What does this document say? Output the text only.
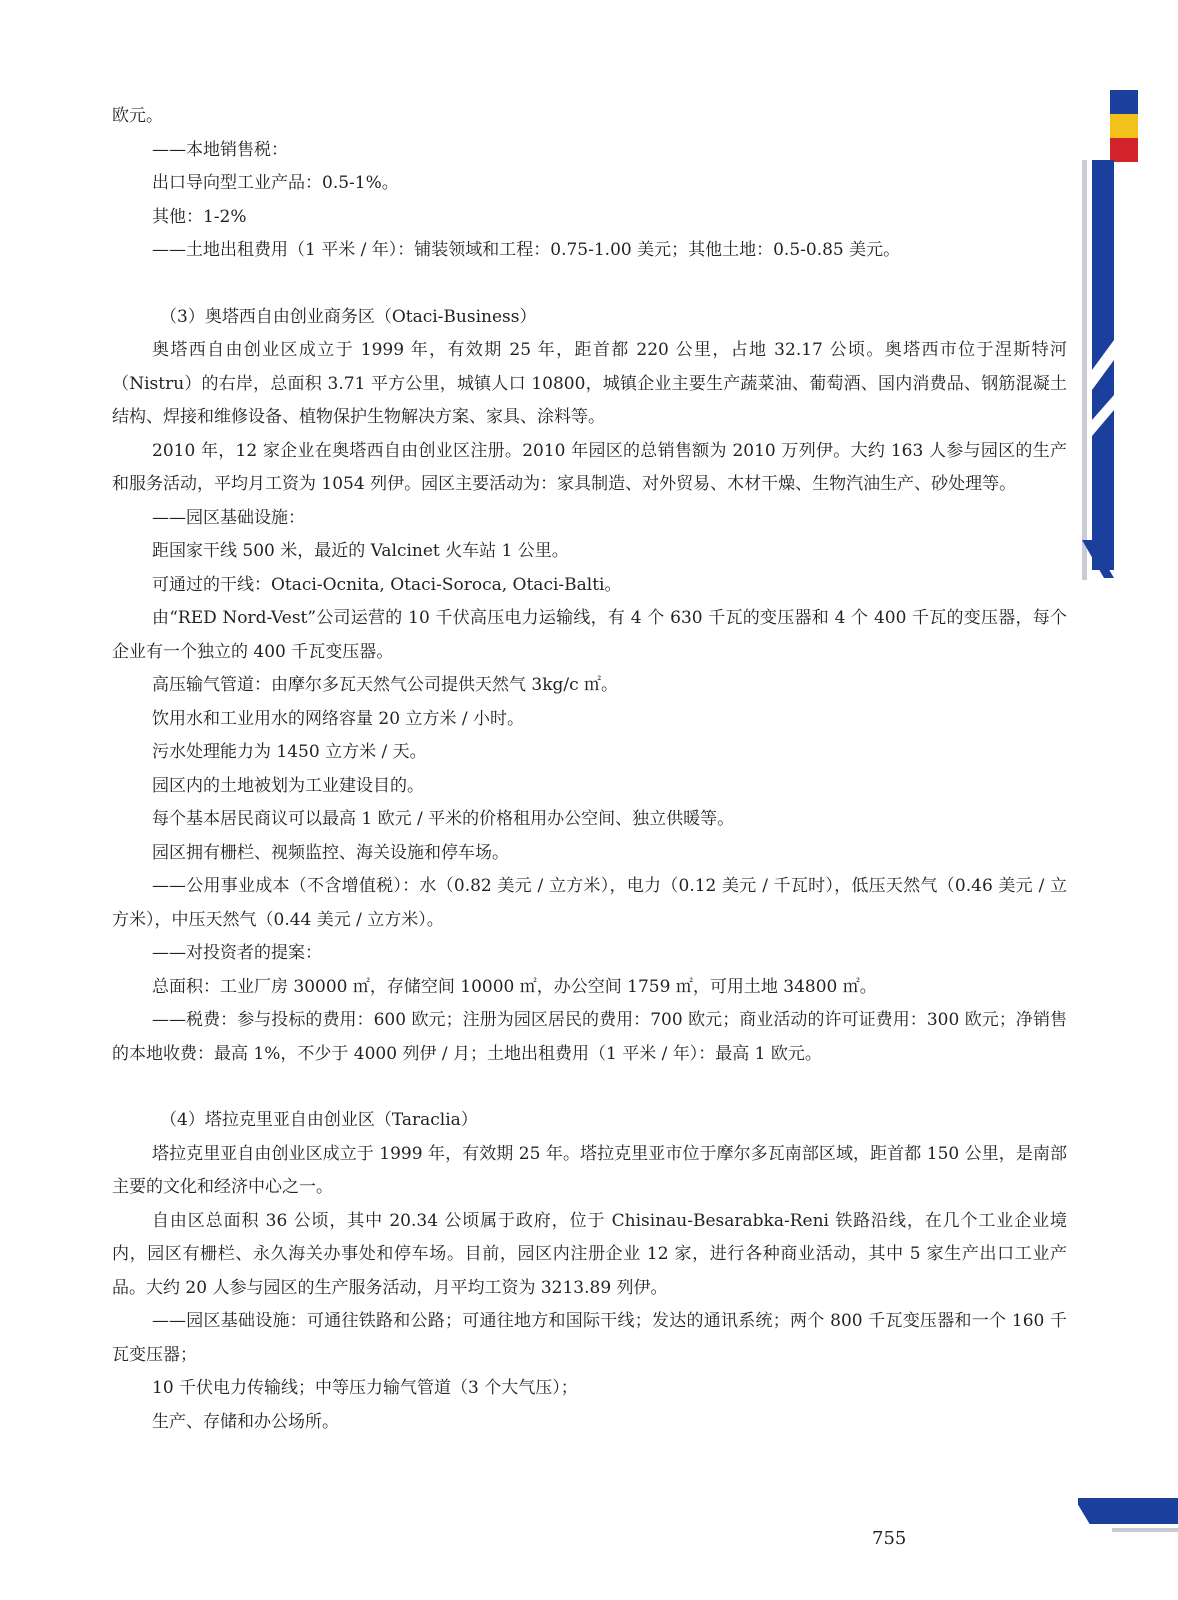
欧元。

——本地销售税：

出口导向型工业产品：0.5-1%。

其他：1-2%

——土地出租费用（1 平米 / 年）：铺装领域和工程：0.75-1.00 美元；其他土地：0.5-0.85 美元。

（3）奥塔西自由创业商务区（Otaci-Business）

奥塔西自由创业区成立于 1999 年，有效期 25 年，距首都 220 公里，占地 32.17 公顷。奥塔西市位于涅斯特河（Nistru）的右岸，总面积 3.71 平方公里，城镇人口 10800，城镇企业主要生产蔬菜油、葡萄酒、国内消费品、钢筋混凝土结构、焊接和维修设备、植物保护生物解决方案、家具、涂料等。

2010 年，12 家企业在奥塔西自由创业区注册。2010 年园区的总销售额为 2010 万列伊。大约 163 人参与园区的生产和服务活动，平均月工资为 1054 列伊。园区主要活动为：家具制造、对外贸易、木材干燥、生物汽油生产、砂处理等。

——园区基础设施：

距国家干线 500 米，最近的 Valcinet 火车站 1 公里。

可通过的干线：Otaci-Ocnita, Otaci-Soroca, Otaci-Balti。

由“RED Nord-Vest”公司运营的 10 千伏高压电力运输线，有 4 个 630 千瓦的变压器和 4 个 400 千瓦的变压器，每个企业有一个独立的 400 千瓦变压器。

高压输气管道：由摩尔多瓦天然气公司提供天然气 3kg/c ㎡。

饮用水和工业用水的网络容量 20 立方米 / 小时。

污水处理能力为 1450 立方米 / 天。

园区内的土地被划为工业建设目的。

每个基本居民商议可以最高 1 欧元 / 平米的价格租用办公空间、独立供暖等。

园区拥有栅栏、视频监控、海关设施和停车场。

——公用事业成本（不含增值税）：水（0.82 美元 / 立方米），电力（0.12 美元 / 千瓦时），低压天然气（0.46 美元 / 立方米），中压天然气（0.44 美元 / 立方米）。

——对投资者的提案：

总面积：工业厂房 30000 ㎡，存储空间 10000 ㎡，办公空间 1759 ㎡，可用土地 34800 ㎡。

——税费：参与投标的费用：600 欧元；注册为园区居民的费用：700 欧元；商业活动的许可证费用：300 欧元；净销售的本地收费：最高 1%，不少于 4000 列伊 / 月；土地出租费用（1 平米 / 年）：最高 1 欧元。

（4）塔拉克里亚自由创业区（Taraclia）

塔拉克里亚自由创业区成立于 1999 年，有效期 25 年。塔拉克里亚市位于摩尔多瓦南部区域，距首都 150 公里，是南部主要的文化和经济中心之一。

自由区总面积 36 公顷，其中 20.34 公顷属于政府，位于 Chisinau-Besarabka-Reni 铁路沿线，在几个工业企业境内，园区有栅栏、永久海关办事处和停车场。目前，园区内注册企业 12 家，进行各种商业活动，其中 5 家生产出口工业产品。大约 20 人参与园区的生产服务活动，月平均工资为 3213.89 列伊。

——园区基础设施：可通往铁路和公路；可通往地方和国际干线；发达的通讯系统；两个 800 千瓦变压器和一个 160 千瓦变压器；

10 千伏电力传输线；中等压力输气管道（3 个大气压）；

生产、存储和办公场所。

755
